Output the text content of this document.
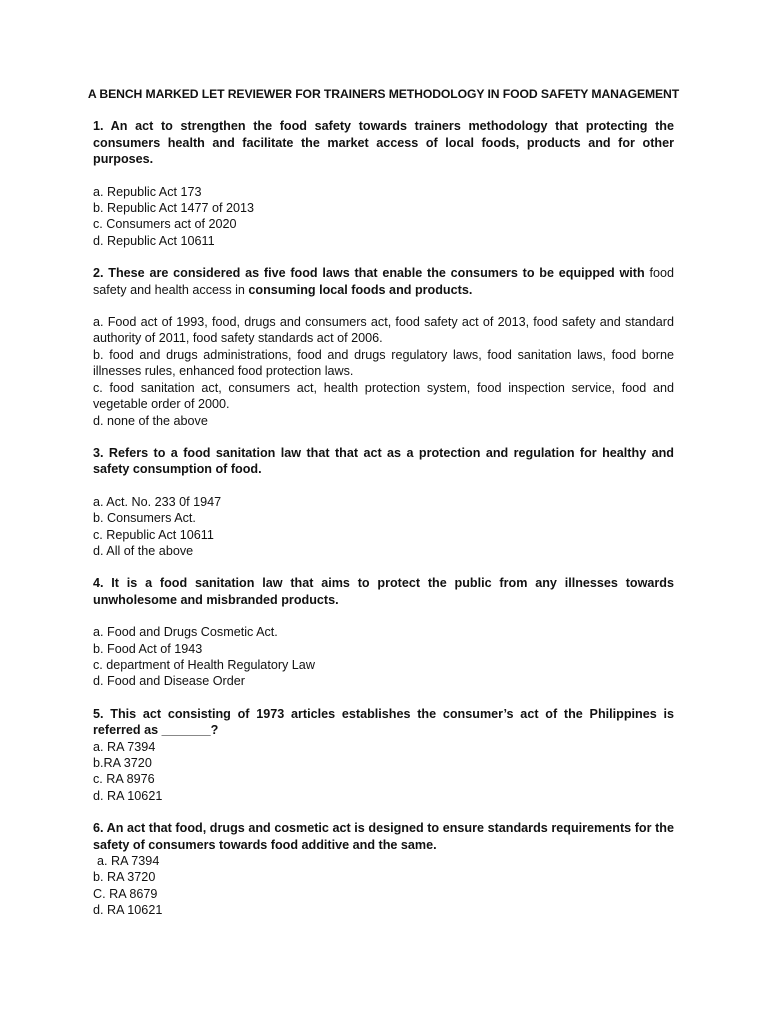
A BENCH MARKED LET REVIEWER FOR TRAINERS METHODOLOGY IN FOOD SAFETY MANAGEMENT
1. An act to strengthen the food safety towards trainers methodology that protecting the consumers health and facilitate the market access of local foods, products and for other purposes.
a. Republic Act 173
b. Republic Act 1477 of 2013
c. Consumers act of 2020
d. Republic Act 10611
2. These are considered as five food laws that enable the consumers to be equipped with food safety and health access in consuming local foods and products.
a. Food act of 1993, food, drugs and consumers act, food safety act of 2013, food safety and standard authority of 2011, food safety standards act of 2006.
b. food and drugs administrations, food and drugs regulatory laws, food sanitation laws, food borne illnesses rules, enhanced food protection laws.
c. food sanitation act, consumers act, health protection system, food inspection service, food and vegetable order of 2000.
d. none of the above
3. Refers to a food sanitation law that that act as a protection and regulation for healthy and safety consumption of food.
a. Act. No. 233 0f 1947
b. Consumers Act.
c. Republic Act 10611
d. All of the above
4. It is a food sanitation law that aims to protect the public from any illnesses towards unwholesome and misbranded products.
a. Food and Drugs Cosmetic Act.
b. Food Act of 1943
c. department of Health Regulatory Law
d. Food and Disease Order
5. This act consisting of 1973 articles establishes the consumer’s act of the Philippines is referred as _______?
a. RA 7394
b.RA 3720
c. RA 8976
d. RA 10621
6. An act that food, drugs and cosmetic act is designed to ensure standards requirements for the safety of consumers towards food additive and the same.
a. RA 7394
b. RA 3720
C. RA 8679
d. RA 10621
